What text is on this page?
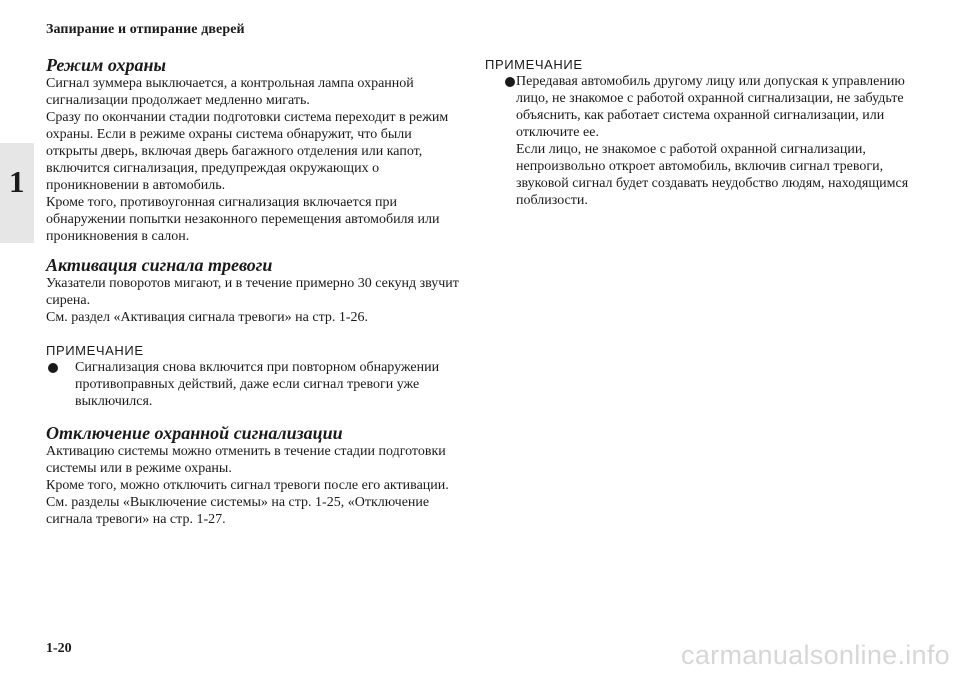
Запирание и отпирание дверей
1
Режим охраны

Сигнал зуммера выключается, а контрольная лампа охранной сигнализации продолжает медленно мигать.

Сразу по окончании стадии подготовки система переходит в режим охраны. Если в режиме охраны система обнаружит, что были открыты дверь, включая дверь багажного отделения или капот, включится сигнализация, предупреждая окружающих о проникновении в автомобиль.

Кроме того, противоугонная сигнализация включается при обнаружении попытки незаконного перемещения автомобиля или проникновения в салон.

Активация сигнала тревоги

Указатели поворотов мигают, и в течение примерно 30 секунд звучит сирена.

См. раздел «Активация сигнала тревоги» на стр. 1-26.

ПРИМЕЧАНИЕ

Сигнализация снова включится при повторном обнаружении противоправных действий, даже если сигнал тревоги уже выключился.

Отключение охранной сигнализации

Активацию системы можно отменить в течение стадии подготовки системы или в режиме охраны.

Кроме того, можно отключить сигнал тревоги после его активации.

См. разделы «Выключение системы» на стр. 1-25, «Отключение сигнала тревоги» на стр. 1-27.

ПРИМЕЧАНИЕ

Передавая автомобиль другому лицу или допуская к управлению лицо, не знакомое с работой охранной сигнализации, не забудьте объяснить, как работает система охранной сигнализации, или отключите ее.

Если лицо, не знакомое с работой охранной сигнализации, непроизвольно откроет автомобиль, включив сигнал тревоги, звуковой сигнал будет создавать неудобство людям, находящимся поблизости.

1-20	carmanualsonline.info
